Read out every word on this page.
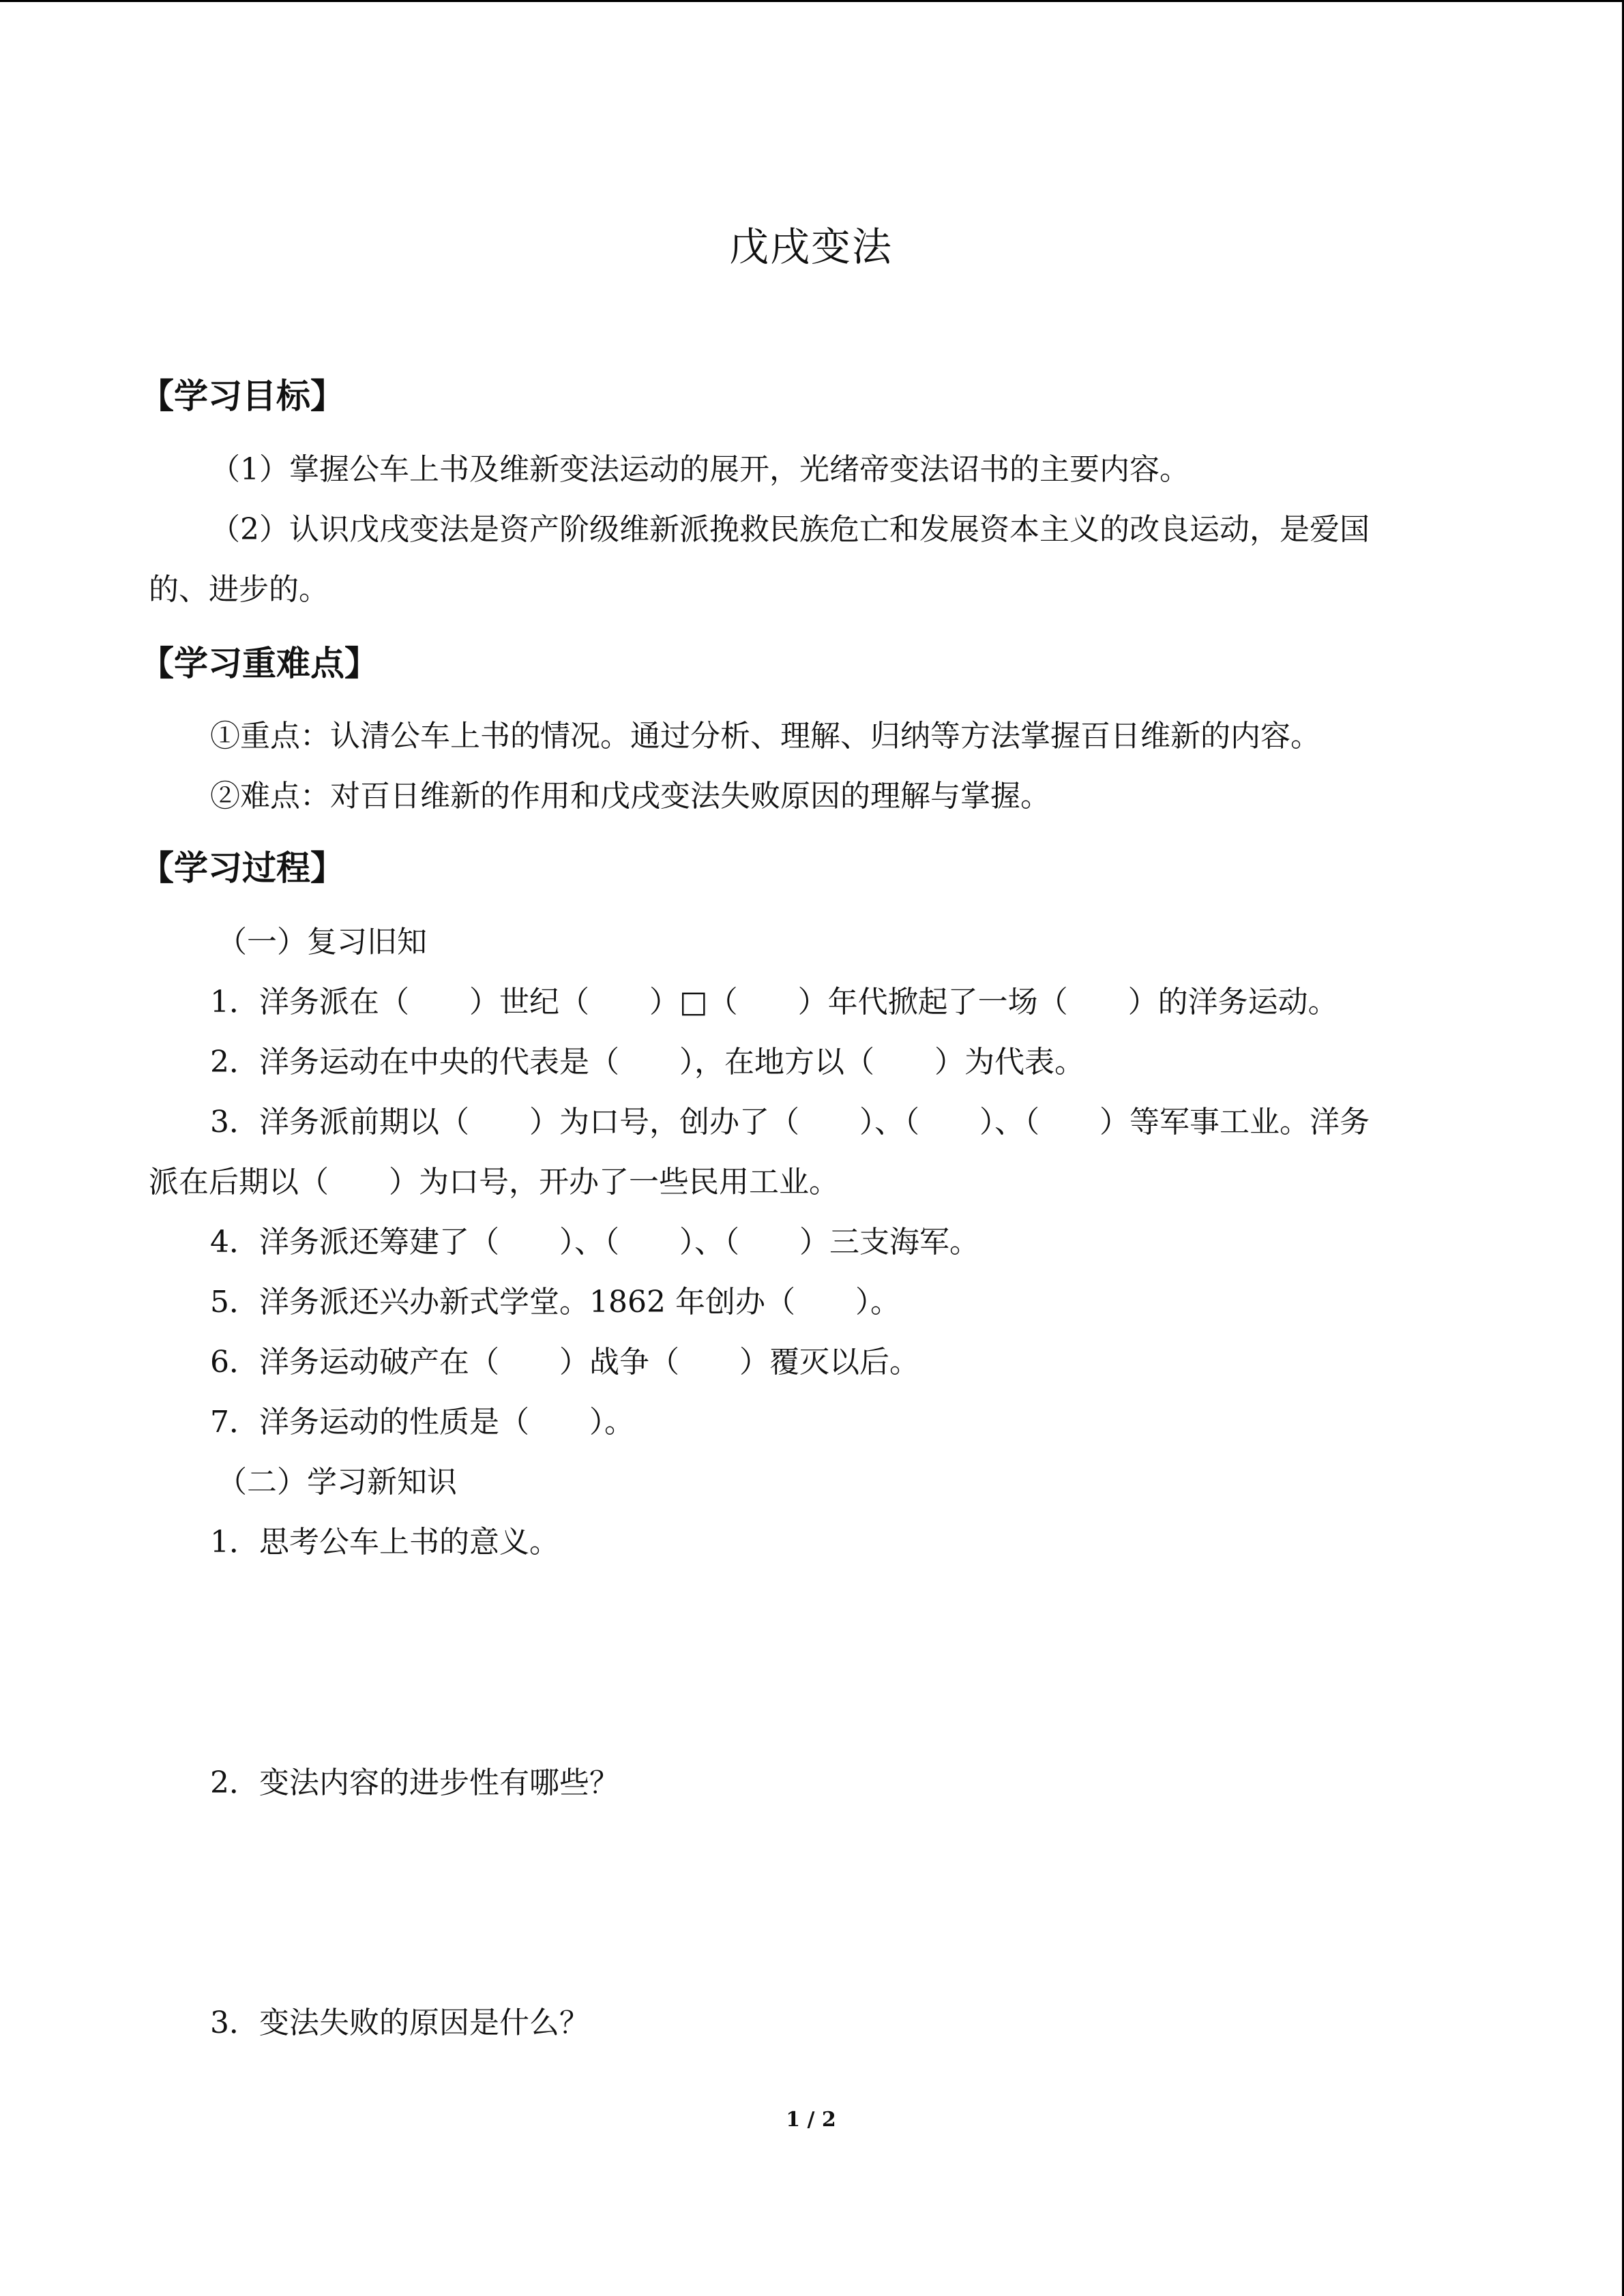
戊戌变法
【学习目标】
（1）掌握公车上书及维新变法运动的展开，光绪帝变法诏书的主要内容。
（2）认识戊戌变法是资产阶级维新派挽救民族危亡和发展资本主义的改良运动，是爱国
的、进步的。
【学习重难点】
①重点：认清公车上书的情况。通过分析、理解、归纳等方法掌握百日维新的内容。
②难点：对百日维新的作用和戊戌变法失败原因的理解与掌握。
【学习过程】
（一）复习旧知
1．洋务派在（　　）世纪（　　）□（　　）年代掀起了一场（　　）的洋务运动。
2．洋务运动在中央的代表是（　　），在地方以（　　）为代表。
3．洋务派前期以（　　）为口号，创办了（　　）、（　　）、（　　）等军事工业。洋务
派在后期以（　　）为口号，开办了一些民用工业。
4．洋务派还筹建了（　　）、（　　）、（　　）三支海军。
5．洋务派还兴办新式学堂。1862 年创办（　　）。
6．洋务运动破产在（　　）战争（　　）覆灭以后。
7．洋务运动的性质是（　　）。
（二）学习新知识
1．思考公车上书的意义。
2．变法内容的进步性有哪些？
3．变法失败的原因是什么？
1 / 2
